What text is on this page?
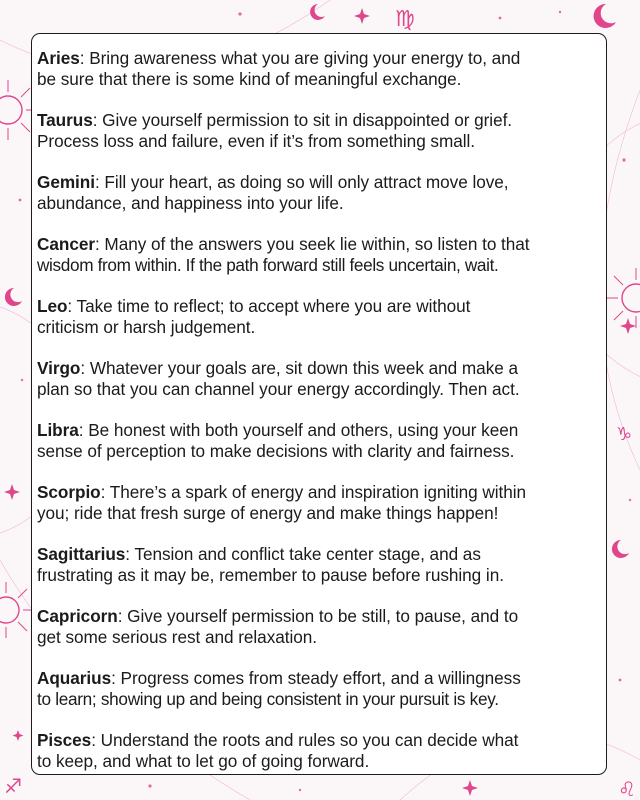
♍
♐	♌
♑
Aries: Bring awareness what you are giving your energy to, and
be sure that there is some kind of meaningful exchange.
Taurus: Give yourself permission to sit in disappointed or grief.
Process loss and failure, even if it’s from something small.
Gemini: Fill your heart, as doing so will only attract move love,
abundance, and happiness into your life.
Cancer: Many of the answers you seek lie within, so listen to that
wisdom from within. If the path forward still feels uncertain, wait.
Leo: Take time to reflect; to accept where you are without
criticism or harsh judgement.
Virgo: Whatever your goals are, sit down this week and make a
plan so that you can channel your energy accordingly. Then act.
Libra: Be honest with both yourself and others, using your keen
sense of perception to make decisions with clarity and fairness.
Scorpio: There’s a spark of energy and inspiration igniting within
you; ride that fresh surge of energy and make things happen!
Sagittarius: Tension and conflict take center stage, and as
frustrating as it may be, remember to pause before rushing in.
Capricorn: Give yourself permission to be still, to pause, and to
get some serious rest and relaxation.
Aquarius: Progress comes from steady effort, and a willingness
to learn; showing up and being consistent in your pursuit is key.
Pisces: Understand the roots and rules so you can decide what
to keep, and what to let go of going forward.
